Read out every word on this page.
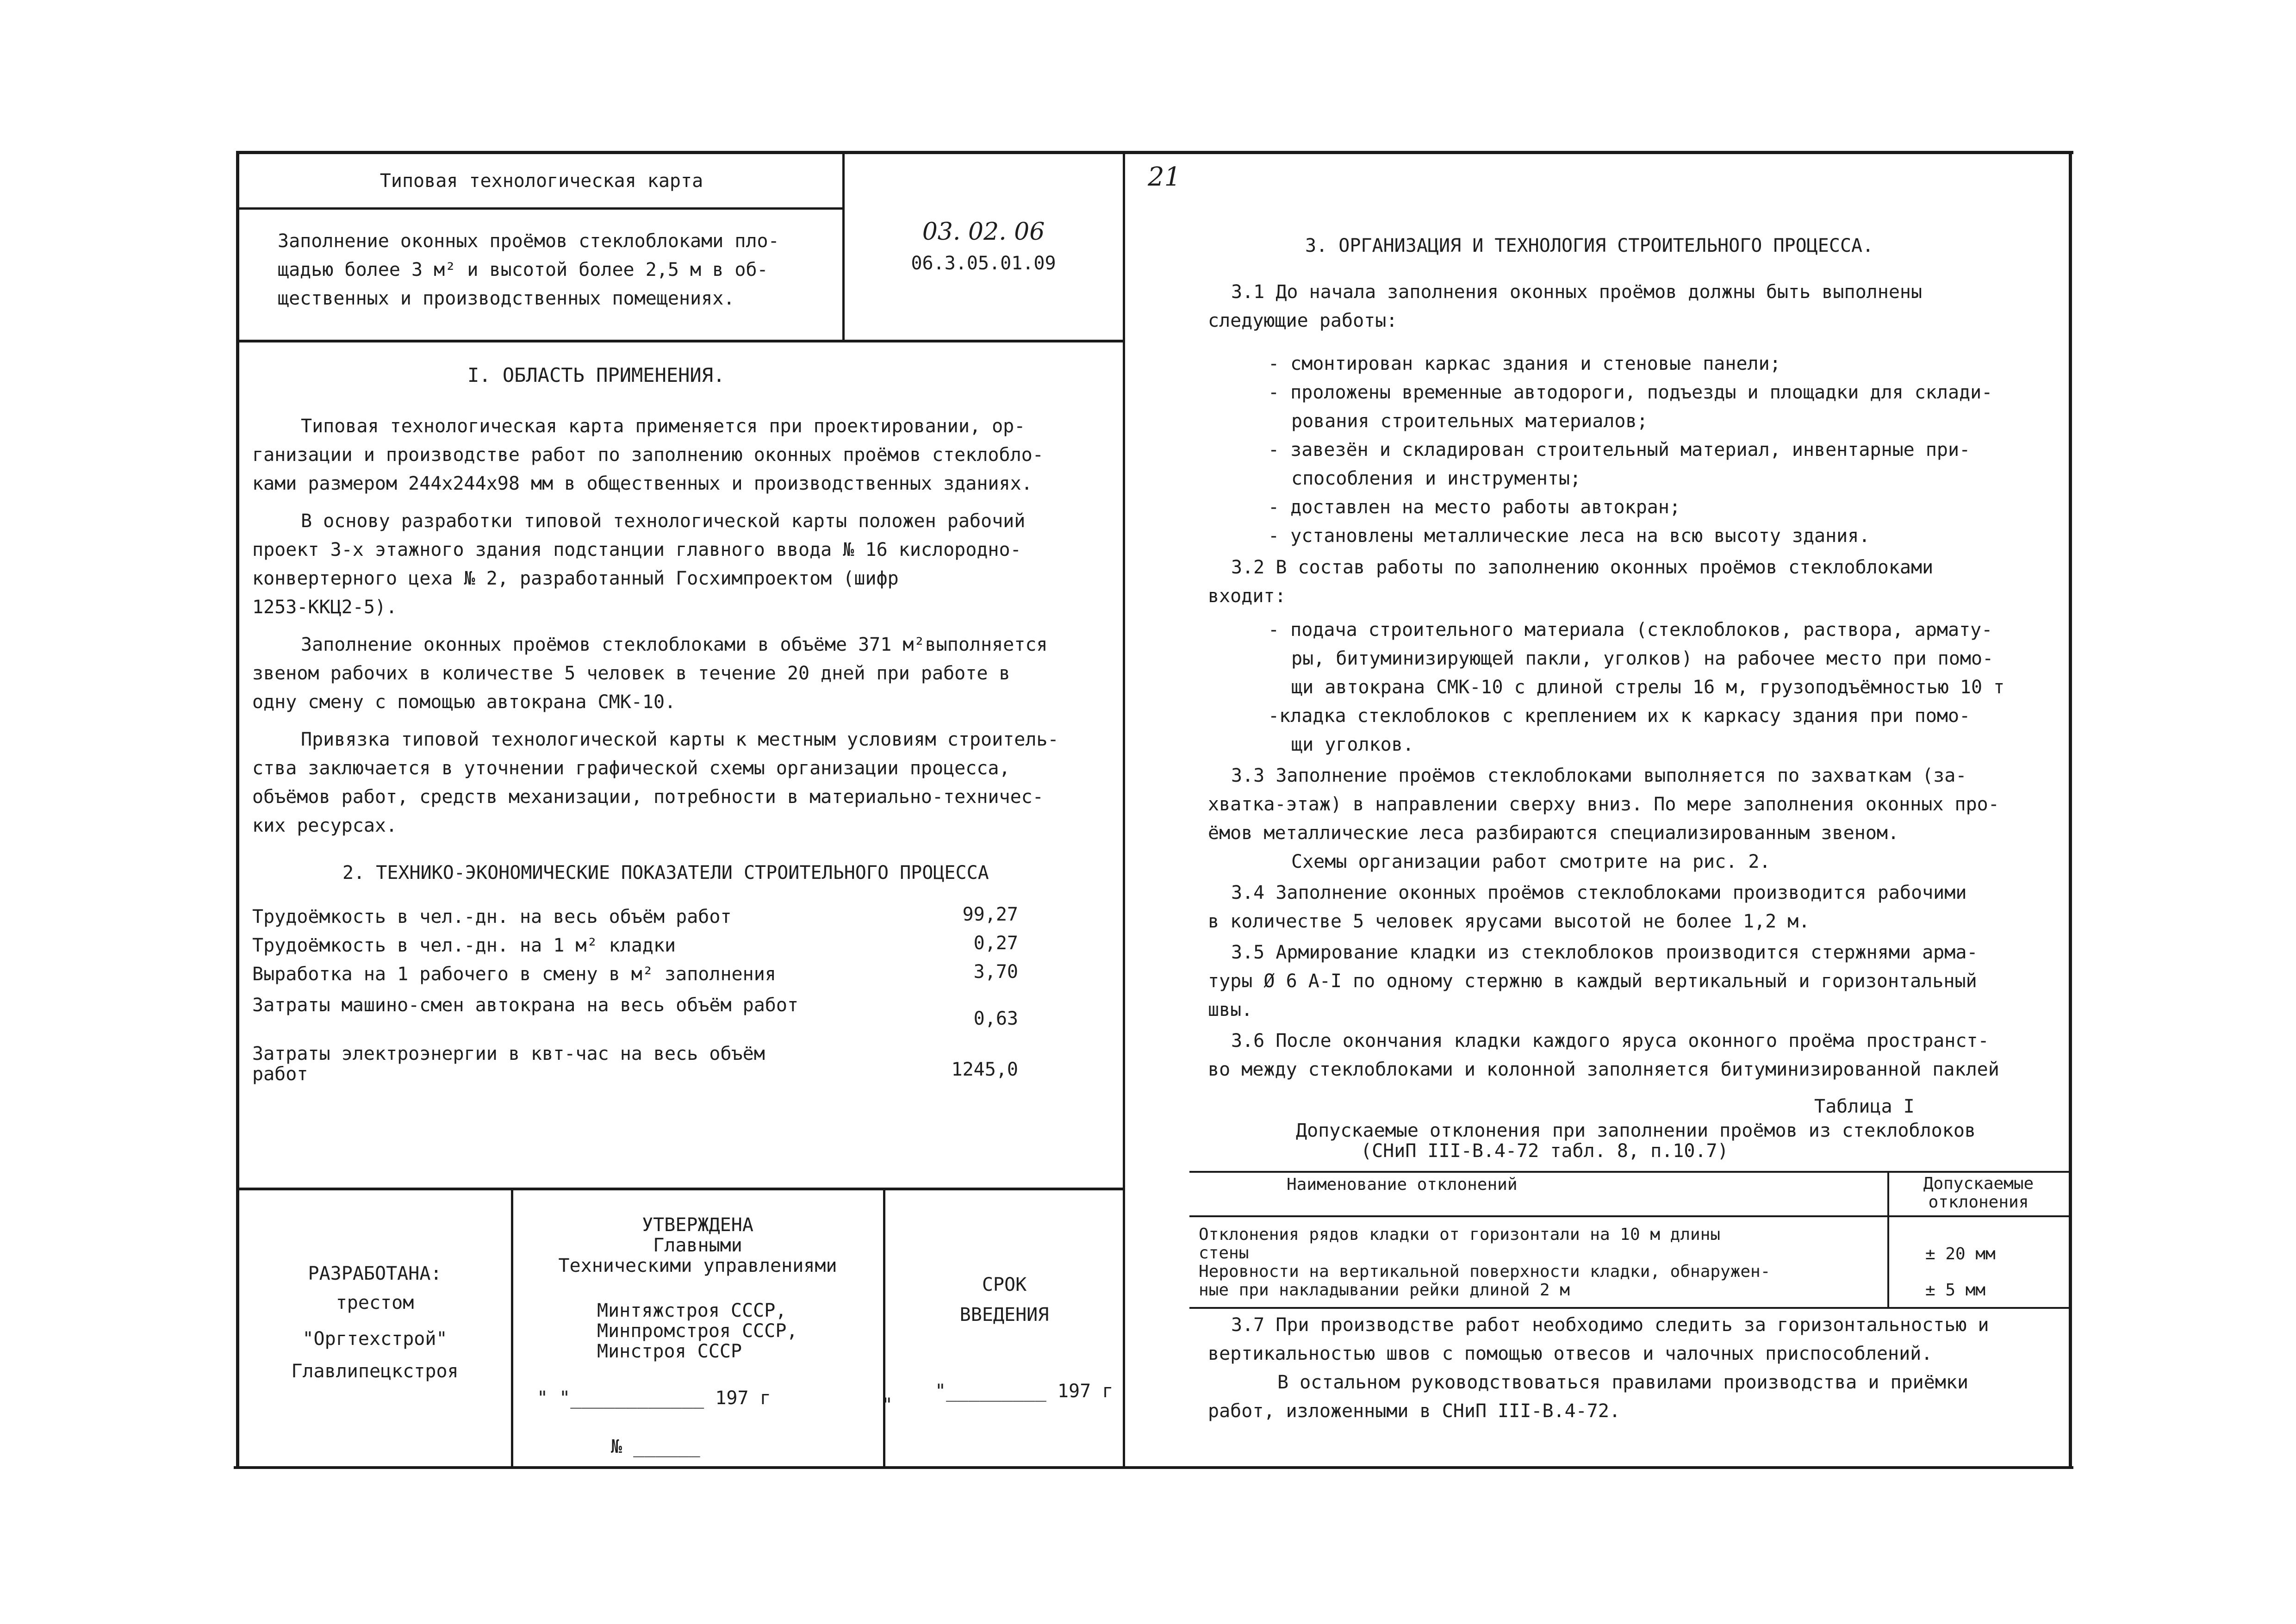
Типовая технологическая карта

Заполнение оконных проёмов стеклоблоками пло-

щадью более 3 м² и высотой более 2,5 м в об-

щественных и производственных помещениях.

03. 02. 06
06.3.05.01.09
21
I. ОБЛАСТЬ ПРИМЕНЕНИЯ.
Типовая технологическая карта применяется при проектировании, ор-
ганизации и производстве работ по заполнению оконных проёмов стеклобло-
ками размером 244x244x98 мм в общественных и производственных зданиях.
В основу разработки типовой технологической карты положен рабочий
проект 3-х этажного здания подстанции главного ввода № 16 кислородно-
конвертерного цеха № 2, разработанный Госхимпроектом (шифр
1253-ККЦ2-5).
Заполнение оконных проёмов стеклоблоками в объёме 371 м²выполняется
звеном рабочих в количестве 5 человек в течение 20 дней при работе в
одну смену с помощью автокрана СМК-10.
Привязка типовой технологической карты к местным условиям строитель-
ства заключается в уточнении графической схемы организации процесса,
объёмов работ, средств механизации, потребности в материально-техничес-
ких ресурсах.
2. ТЕХНИКО-ЭКОНОМИЧЕСКИЕ ПОКАЗАТЕЛИ СТРОИТЕЛЬНОГО ПРОЦЕССА
Трудоёмкость в чел.-дн. на весь объём работ	99,27
Трудоёмкость в чел.-дн. на 1 м² кладки	0,27
Выработка на 1 рабочего в смену в м² заполнения	3,70
Затраты машино-смен автокрана на весь объём работ
0,63
Затраты электроэнергии в квт-час на весь объём работ	1245,0
РАЗРАБОТАНА:
трестом
"Оргтехстрой"
Главлипецкстроя
УТВЕРЖДЕНА
Главными
Техническими управлениями
Минтяжстроя СССР,
Минпромстроя СССР,
Минстроя СССР
" "____________ 197 г	"
№ ______
СРОК
ВВЕДЕНИЯ
"_________ 197 г
3. ОРГАНИЗАЦИЯ И ТЕХНОЛОГИЯ СТРОИТЕЛЬНОГО ПРОЦЕССА.
3.1 До начала заполнения оконных проёмов должны быть выполнены
следующие работы:
- смонтирован каркас здания и стеновые панели;
- проложены временные автодороги, подъезды и площадки для склади-
рования строительных материалов;
- завезён и складирован строительный материал, инвентарные при-
способления и инструменты;
- доставлен на место работы автокран;
- установлены металлические леса на всю высоту здания.
3.2 В состав работы по заполнению оконных проёмов стеклоблоками
входит:
- подача строительного материала (стеклоблоков, раствора, армату-
ры, битуминизирующей пакли, уголков) на рабочее место при помо-
щи автокрана СМК-10 с длиной стрелы 16 м, грузоподъёмностью 10 т
-кладка стеклоблоков с креплением их к каркасу здания при помо-
щи уголков.
3.3 Заполнение проёмов стеклоблоками выполняется по захваткам (за-
хватка-этаж) в направлении сверху вниз. По мере заполнения оконных про-
ёмов металлические леса разбираются специализированным звеном.
Схемы организации работ смотрите на рис. 2.
3.4 Заполнение оконных проёмов стеклоблоками производится рабочими
в количестве 5 человек ярусами высотой не более 1,2 м.
3.5 Армирование кладки из стеклоблоков производится стержнями арма-
туры Ø 6 А-I по одному стержню в каждый вертикальный и горизонтальный
швы.
3.6 После окончания кладки каждого яруса оконного проёма пространст-
во между стеклоблоками и колонной заполняется битуминизированной паклей
Таблица I
Допускаемые отклонения при заполнении проёмов из стеклоблоков
(СНиП III-В.4-72 табл. 8, п.10.7)
Наименование отклонений	Допускаемые
отклонения
Отклонения рядов кладки от горизонтали на 10 м длины
стены	± 20 мм
Неровности на вертикальной поверхности кладки, обнаружен-
ные при накладывании рейки длиной 2 м	± 5 мм
3.7 При производстве работ необходимо следить за горизонтальностью и
вертикальностью швов с помощью отвесов и чалочных приспособлений.
В остальном руководствоваться правилами производства и приёмки
работ, изложенными в СНиП III-В.4-72.
